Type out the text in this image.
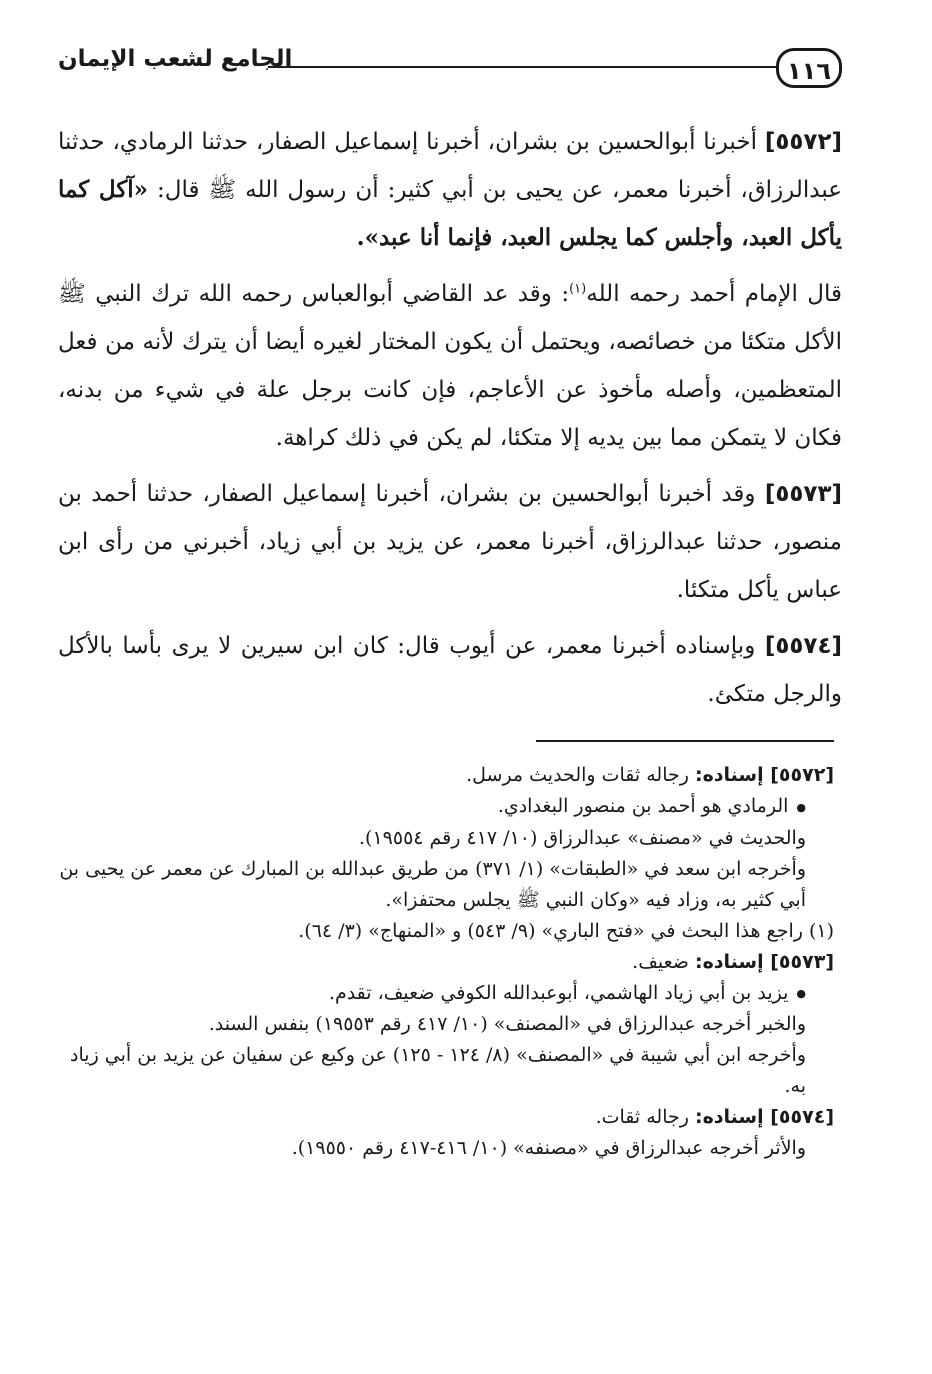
١١٦
الجامع لشعب الإيمان

[٥٥٧٢] أخبرنا أبوالحسين بن بشران، أخبرنا إسماعيل الصفار، حدثنا الرمادي، حدثنا عبدالرزاق، أخبرنا معمر، عن يحيى بن أبي كثير: أن رسول الله ﷺ قال: «آكل كما يأكل العبد، وأجلس كما يجلس العبد، فإنما أنا عبد».

قال الإمام أحمد رحمه الله$^{(١)}$: وقد عد القاضي أبوالعباس رحمه الله ترك النبي ﷺ الأكل متكئا من خصائصه، ويحتمل أن يكون المختار لغيره أيضا أن يترك لأنه من فعل المتعظمين، وأصله مأخوذ عن الأعاجم، فإن كانت برجل علة في شيء من بدنه، فكان لا يتمكن مما بين يديه إلا متكئا، لم يكن في ذلك كراهة.

[٥٥٧٣] وقد أخبرنا أبوالحسين بن بشران، أخبرنا إسماعيل الصفار، حدثنا أحمد بن منصور، حدثنا عبدالرزاق، أخبرنا معمر، عن يزيد بن أبي زياد، أخبرني من رأى ابن عباس يأكل متكئا.

[٥٥٧٤] وبإسناده أخبرنا معمر، عن أيوب قال: كان ابن سيرين لا يرى بأسا بالأكل والرجل متكئ.

[٥٥٧٢] إسناده: رجاله ثقات والحديث مرسل.

● الرمادي هو أحمد بن منصور البغدادي.

والحديث في «مصنف» عبدالرزاق (١٠/ ٤١٧ رقم ١٩٥٥٤).

وأخرجه ابن سعد في «الطبقات» (١/ ٣٧١) من طريق عبدالله بن المبارك عن معمر عن يحيى بن أبي كثير به، وزاد فيه «وكان النبي ﷺ يجلس محتفزا».

(١) راجع هذا البحث في «فتح الباري» (٩/ ٥٤٣) و «المنهاج» (٣/ ٦٤).

[٥٥٧٣] إسناده: ضعيف.

● يزيد بن أبي زياد الهاشمي، أبوعبدالله الكوفي ضعيف، تقدم.

والخبر أخرجه عبدالرزاق في «المصنف» (١٠/ ٤١٧ رقم ١٩٥٥٣) بنفس السند.

وأخرجه ابن أبي شيبة في «المصنف» (٨/ ١٢٤ - ١٢٥) عن وكيع عن سفيان عن يزيد بن أبي زياد به.

[٥٥٧٤] إسناده: رجاله ثقات.

والأثر أخرجه عبدالرزاق في «مصنفه» (١٠/ ٤١٦-٤١٧ رقم ١٩٥٥٠).
